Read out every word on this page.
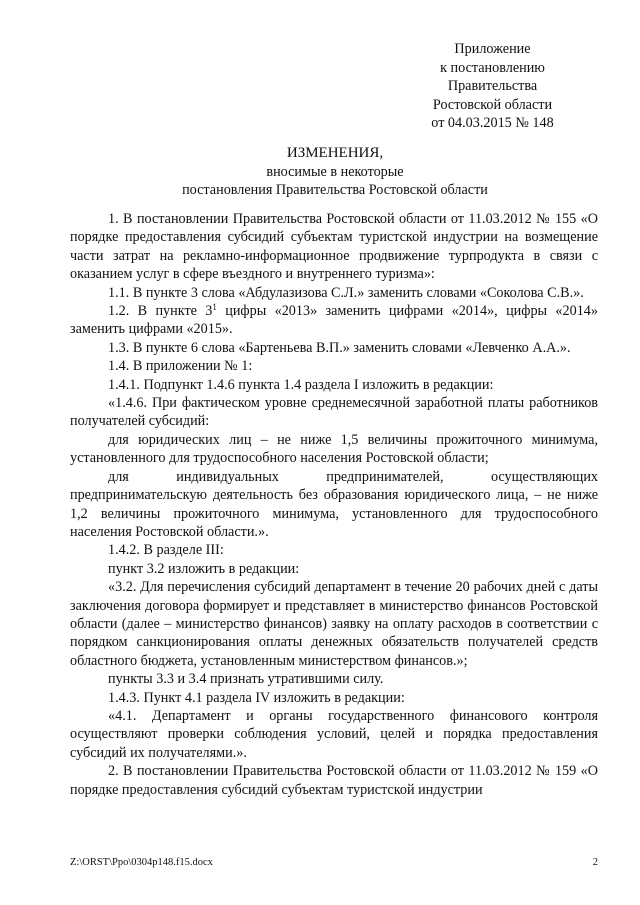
Приложение
к постановлению
Правительства
Ростовской области
от 04.03.2015 № 148
ИЗМЕНЕНИЯ,
вносимые в некоторые
постановления Правительства Ростовской области

1. В постановлении Правительства Ростовской области от 11.03.2012 № 155 «О порядке предоставления субсидий субъектам туристской индустрии на возмещение части затрат на рекламно-информационное продвижение турпродукта в связи с оказанием услуг в сфере въездного и внутреннего туризма»:

1.1. В пункте 3 слова «Абдулазизова С.Л.» заменить словами «Соколова С.В.».

1.2. В пункте $3^1$ цифры «2013» заменить цифрами «2014», цифры «2014» заменить цифрами «2015».

1.3. В пункте 6 слова «Бартеньева В.П.» заменить словами «Левченко А.А.».

1.4. В приложении № 1:

1.4.1. Подпункт 1.4.6 пункта 1.4 раздела I изложить в редакции:

«1.4.6. При фактическом уровне среднемесячной заработной платы работников получателей субсидий:

для юридических лиц – не ниже 1,5 величины прожиточного минимума, установленного для трудоспособного населения Ростовской области;

для индивидуальных предпринимателей, осуществляющих предпринимательскую деятельность без образования юридического лица, – не ниже 1,2 величины прожиточного минимума, установленного для трудоспособного населения Ростовской области.».

1.4.2. В разделе III:

пункт 3.2 изложить в редакции:

«3.2. Для перечисления субсидий департамент в течение 20 рабочих дней с даты заключения договора формирует и представляет в министерство финансов Ростовской области (далее – министерство финансов) заявку на оплату расходов в соответствии с порядком санкционирования оплаты денежных обязательств получателей средств областного бюджета, установленным министерством финансов.»;

пункты 3.3 и 3.4 признать утратившими силу.

1.4.3. Пункт 4.1 раздела IV изложить в редакции:

«4.1. Департамент и органы государственного финансового контроля осуществляют проверки соблюдения условий, целей и порядка предоставления субсидий их получателями.».

2. В постановлении Правительства Ростовской области от 11.03.2012 № 159 «О порядке предоставления субсидий субъектам туристской индустрии

Z:\ORST\Ppo\0304p148.f15.docx	2
